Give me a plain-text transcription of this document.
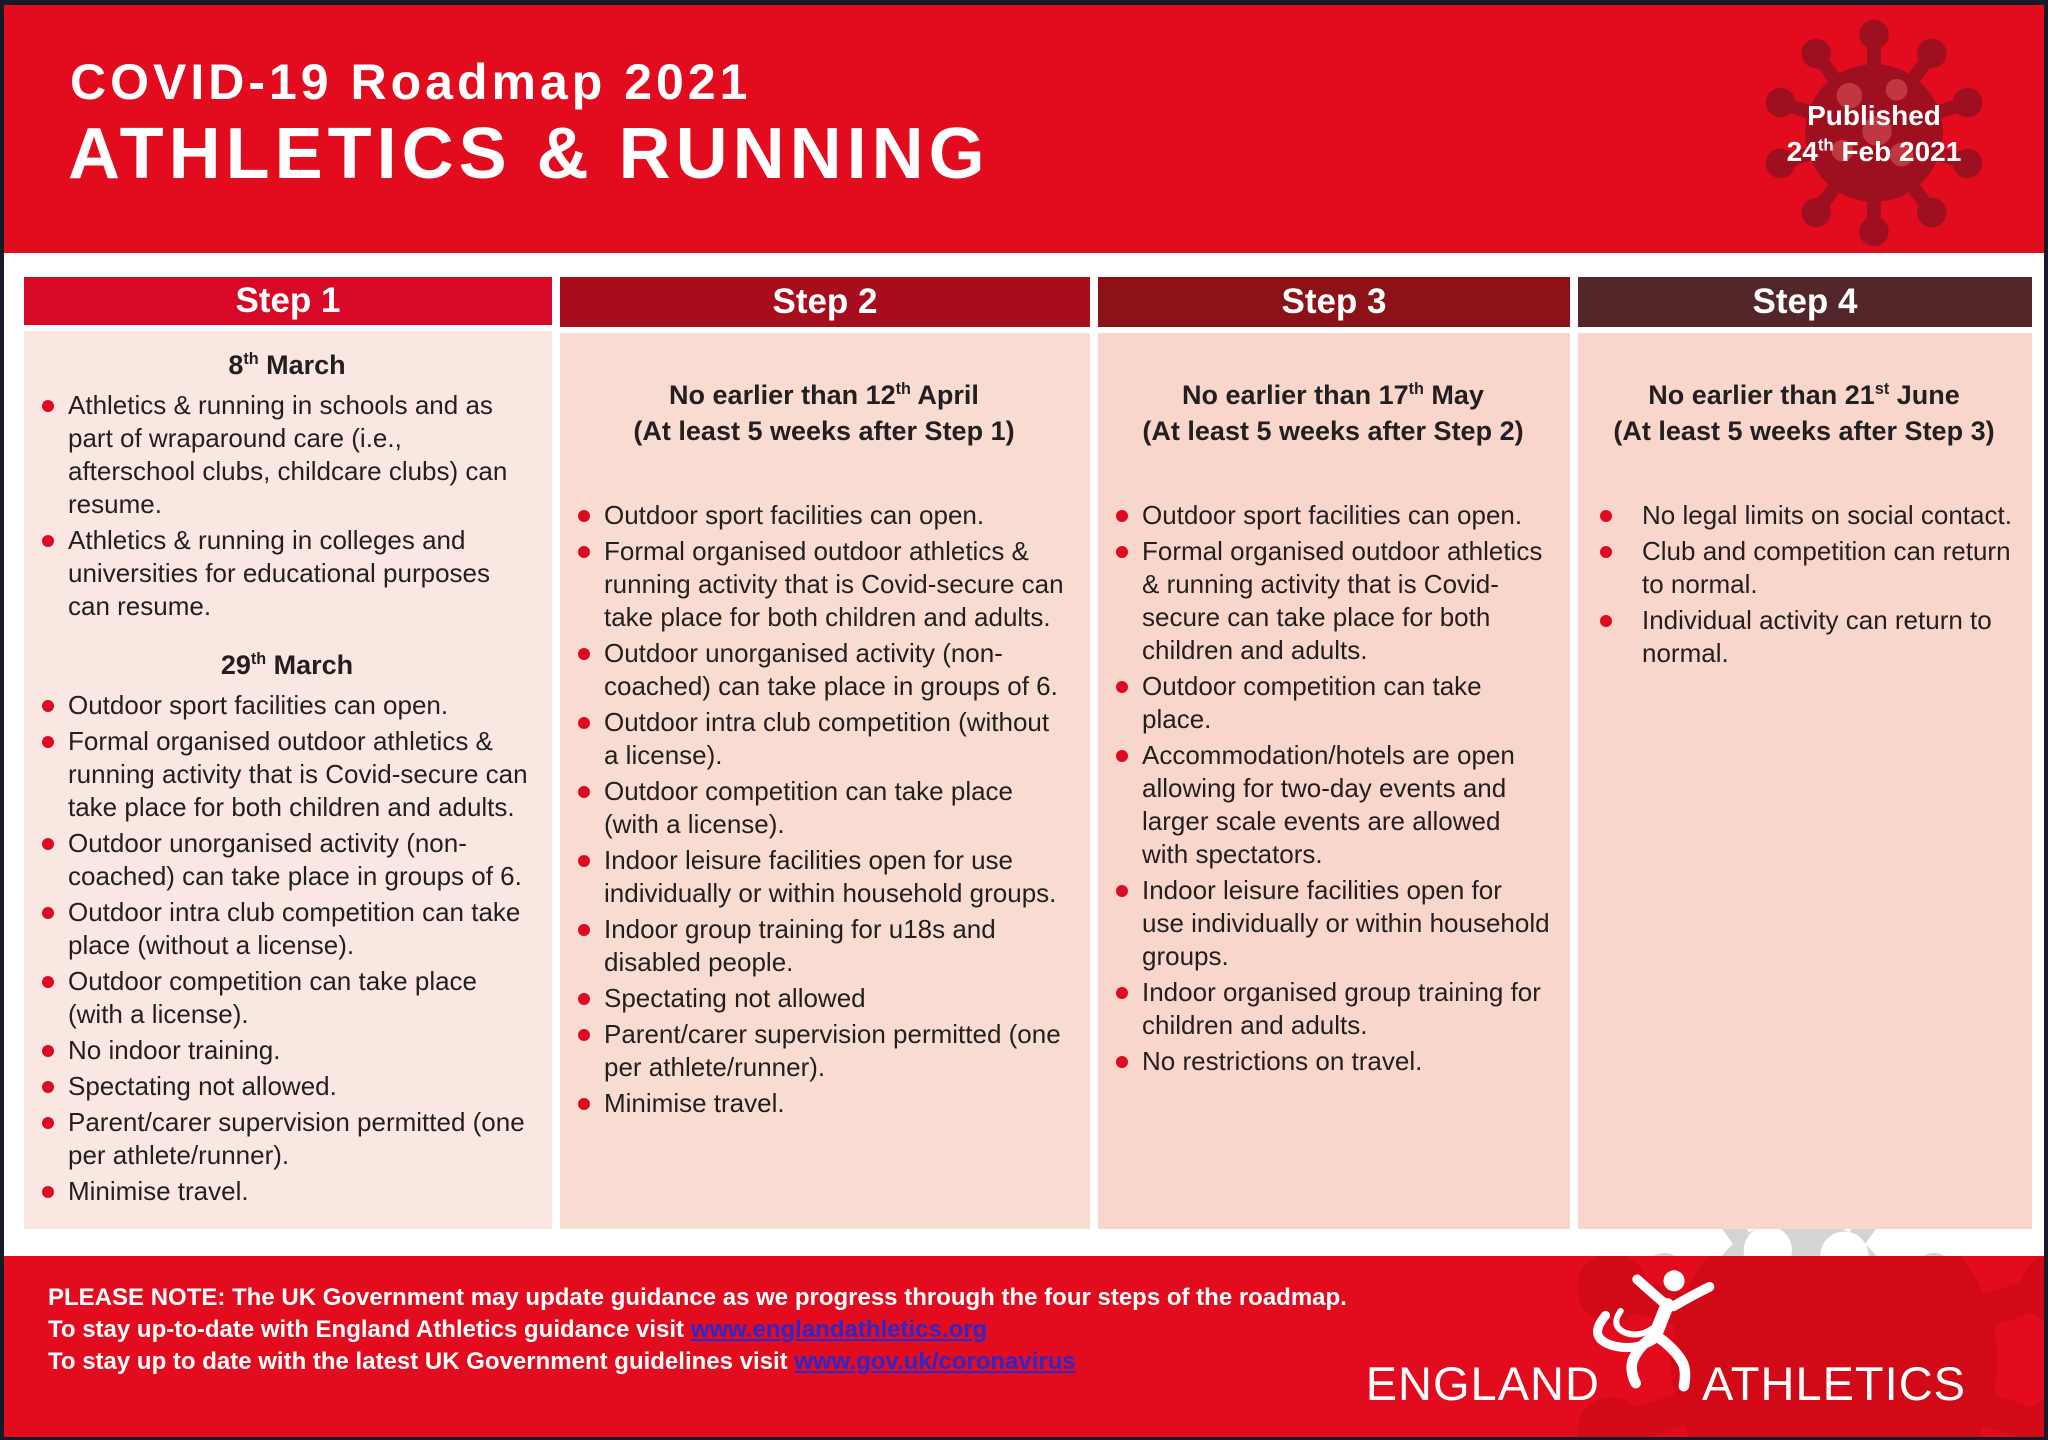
COVID-19 Roadmap 2021
ATHLETICS & RUNNING	Published
24th Feb 2021
Step 1
8th March
Athletics & running in schools and as part of wraparound care (i.e., afterschool clubs, childcare clubs) can resume.
Athletics & running in colleges and universities for educational purposes can resume.
29th March
Outdoor sport facilities can open.
Formal organised outdoor athletics & running activity that is Covid-secure can take place for both children and adults.
Outdoor unorganised activity (non-coached) can take place in groups of 6.
Outdoor intra club competition can take place (without a license).
Outdoor competition can take place (with a license).
No indoor training.
Spectating not allowed.
Parent/carer supervision permitted (one per athlete/runner).
Minimise travel.
Step 2
No earlier than 12th April
(At least 5 weeks after Step 1)
Outdoor sport facilities can open.
Formal organised outdoor athletics & running activity that is Covid-secure can take place for both children and adults.
Outdoor unorganised activity (non-coached) can take place in groups of 6.
Outdoor intra club competition (without a license).
Outdoor competition can take place (with a license).
Indoor leisure facilities open for use individually or within household groups.
Indoor group training for u18s and disabled people.
Spectating not allowed
Parent/carer supervision permitted (one per athlete/runner).
Minimise travel.
Step 3
No earlier than 17th May
(At least 5 weeks after Step 2)
Outdoor sport facilities can open.
Formal organised outdoor athletics & running activity that is Covid-secure can take place for both children and adults.
Outdoor competition can take place.
Accommodation/hotels are open allowing for two-day events and larger scale events are allowed with spectators.
Indoor leisure facilities open for use individually or within household groups.
Indoor organised group training for children and adults.
No restrictions on travel.
Step 4
No earlier than 21st June
(At least 5 weeks after Step 3)
No legal limits on social contact.
Club and competition can return to normal.
Individual activity can return to normal.
PLEASE NOTE: The UK Government may update guidance as we progress through the four steps of the roadmap.
To stay up-to-date with England Athletics guidance visit www.englandathletics.org
To stay up to date with the latest UK Government guidelines visit www.gov.uk/coronavirus	ENGLAND ATHLETICS
